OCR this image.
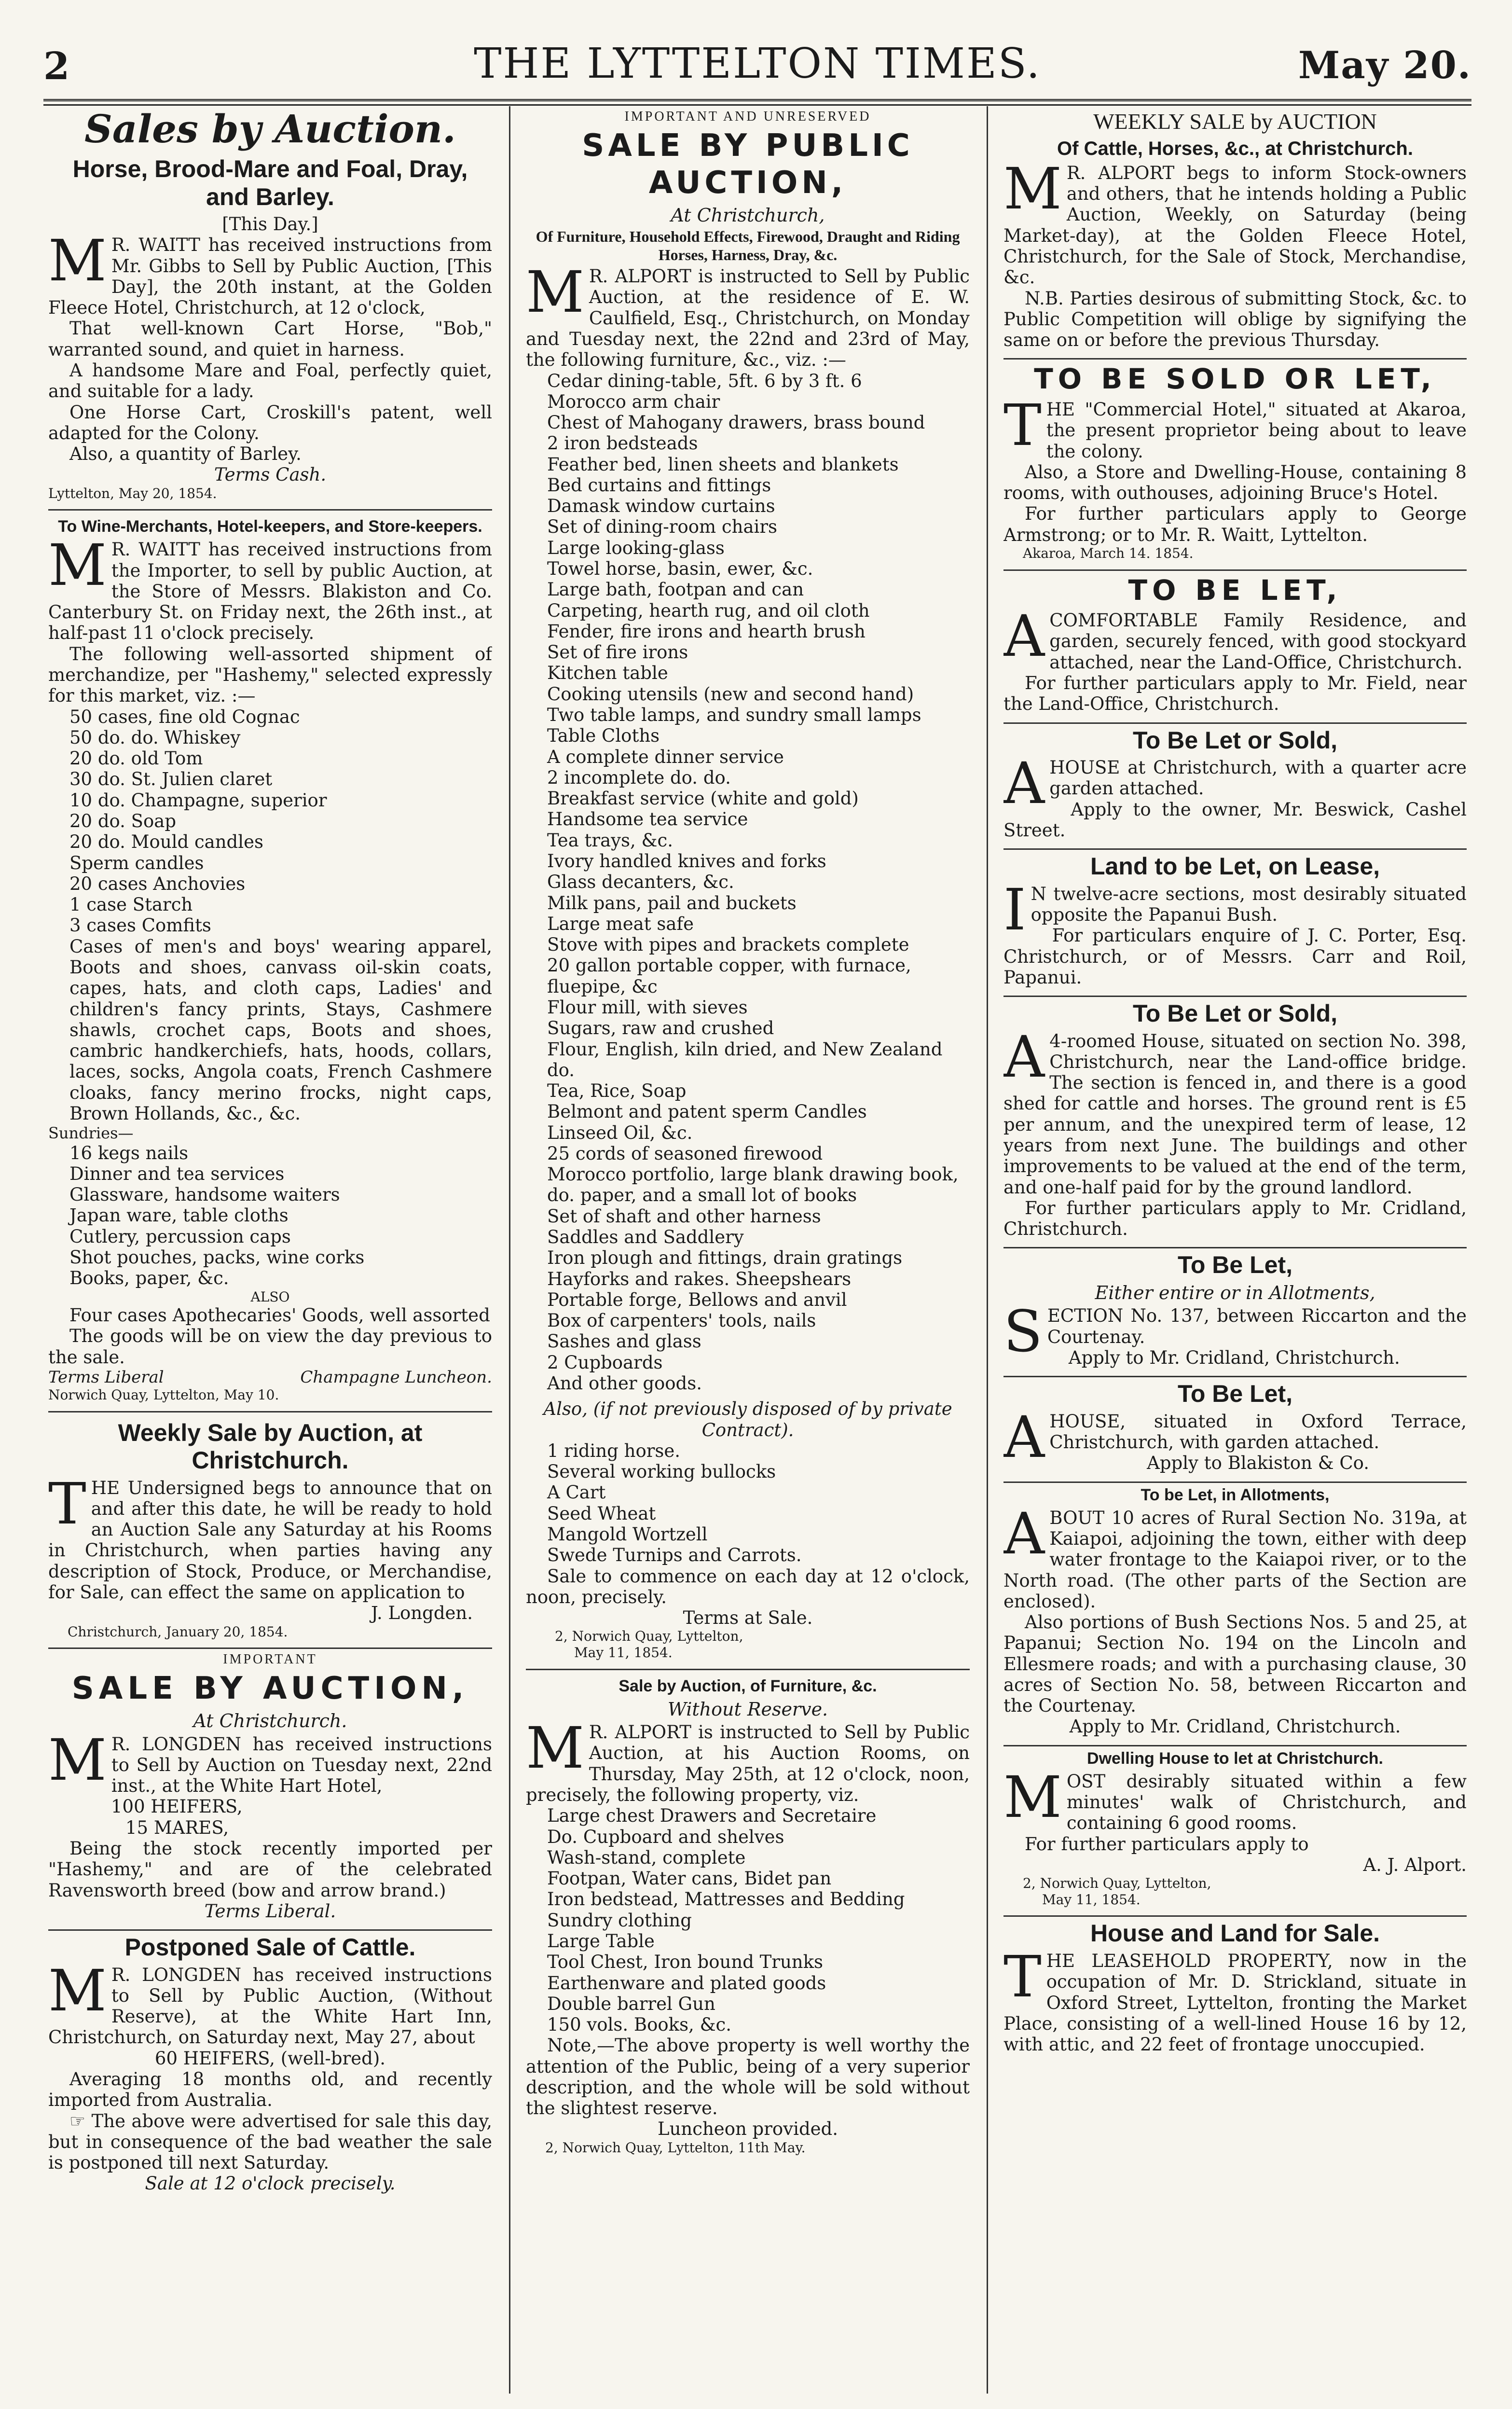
2	THE LYTTELTON TIMES.	May 20.
Sales by Auction.
Horse, Brood-Mare and Foal, Dray, and Barley.

[This Day.]

MR. WAITT has received instructions from Mr. Gibbs to Sell by Public Auction, [This Day], the 20th instant, at the Golden Fleece Hotel, Christchurch, at 12 o'clock,

That well-known Cart Horse, "Bob," warranted sound, and quiet in harness.

A handsome Mare and Foal, perfectly quiet, and suitable for a lady.

One Horse Cart, Croskill's patent, well adapted for the Colony.

Also, a quantity of Barley.

Terms Cash.

Lyttelton, May 20, 1854.

To Wine-Merchants, Hotel-keepers, and Store-keepers.

MR. WAITT has received instructions from the Importer, to sell by public Auction, at the Store of Messrs. Blakiston and Co. Canterbury St. on Friday next, the 26th inst., at half-past 11 o'clock precisely.

The following well-assorted shipment of merchandize, per "Hashemy," selected expressly for this market, viz. :—

50 cases, fine old Cognac
50 do. do. Whiskey
20 do. old Tom
30 do. St. Julien claret
10 do. Champagne, superior
20 do. Soap
20 do. Mould candles
Sperm candles
20 cases Anchovies
1 case Starch
3 cases Comfits

Cases of men's and boys' wearing apparel, Boots and shoes, canvass oil-skin coats, capes, hats, and cloth caps, Ladies' and children's fancy prints, Stays, Cashmere shawls, crochet caps, Boots and shoes, cambric handkerchiefs, hats, hoods, collars, laces, socks, Angola coats, French Cashmere cloaks, fancy merino frocks, night caps, Brown Hollands, &c., &c.

Sundries—

16 kegs nails
Dinner and tea services
Glassware, handsome waiters
Japan ware, table cloths
Cutlery, percussion caps
Shot pouches, packs, wine corks
Books, paper, &c.

ALSO

Four cases Apothecaries' Goods, well assorted

The goods will be on view the day previous to the sale.

Terms Liberal	Champagne Luncheon.

Norwich Quay, Lyttelton, May 10.

Weekly Sale by Auction, at Christchurch.

THE Undersigned begs to announce that on and after this date, he will be ready to hold an Auction Sale any Saturday at his Rooms in Christchurch, when parties having any description of Stock, Produce, or Merchandise, for Sale, can effect the same on application to

J. Longden.

Christchurch, January 20, 1854.

IMPORTANT
SALE BY AUCTION,

At Christchurch.

MR. LONGDEN has received instructions to Sell by Auction on Tuesday next, 22nd inst., at the White Hart Hotel,

100 HEIFERS,

15 MARES,

Being the stock recently imported per "Hashemy," and are of the celebrated Ravensworth breed (bow and arrow brand.)

Terms Liberal.

Postponed Sale of Cattle.

MR. LONGDEN has received instructions to Sell by Public Auction, (Without Reserve), at the White Hart Inn, Christchurch, on Saturday next, May 27, about

60 HEIFERS, (well-bred).

Averaging 18 months old, and recently imported from Australia.

☞ The above were advertised for sale this day, but in consequence of the bad weather the sale is postponed till next Saturday.

Sale at 12 o'clock precisely.

IMPORTANT AND UNRESERVED
SALE BY PUBLIC AUCTION,

At Christchurch,

Of Furniture, Household Effects, Firewood, Draught and Riding Horses, Harness, Dray, &c.

MR. ALPORT is instructed to Sell by Public Auction, at the residence of E. W. Caulfield, Esq., Christchurch, on Monday and Tuesday next, the 22nd and 23rd of May, the following furniture, &c., viz. :—

Cedar dining-table, 5ft. 6 by 3 ft. 6
Morocco arm chair
Chest of Mahogany drawers, brass bound
2 iron bedsteads
Feather bed, linen sheets and blankets
Bed curtains and fittings
Damask window curtains
Set of dining-room chairs
Large looking-glass
Towel horse, basin, ewer, &c.
Large bath, footpan and can
Carpeting, hearth rug, and oil cloth
Fender, fire irons and hearth brush
Set of fire irons
Kitchen table
Cooking utensils (new and second hand)
Two table lamps, and sundry small lamps
Table Cloths
A complete dinner service
2 incomplete do. do.
Breakfast service (white and gold)
Handsome tea service
Tea trays, &c.
Ivory handled knives and forks
Glass decanters, &c.
Milk pans, pail and buckets
Large meat safe
Stove with pipes and brackets complete
20 gallon portable copper, with furnace, fluepipe, &c
Flour mill, with sieves
Sugars, raw and crushed
Flour, English, kiln dried, and New Zealand do.
Tea, Rice, Soap
Belmont and patent sperm Candles
Linseed Oil, &c.
25 cords of seasoned firewood
Morocco portfolio, large blank drawing book, do. paper, and a small lot of books
Set of shaft and other harness
Saddles and Saddlery
Iron plough and fittings, drain gratings
Hayforks and rakes. Sheepshears
Portable forge, Bellows and anvil
Box of carpenters' tools, nails
Sashes and glass
2 Cupboards
And other goods.

Also, (if not previously disposed of by private Contract).

1 riding horse.
Several working bullocks
A Cart
Seed Wheat
Mangold Wortzell
Swede Turnips and Carrots.

Sale to commence on each day at 12 o'clock, noon, precisely.

Terms at Sale.

2, Norwich Quay, Lyttelton,

May 11, 1854.

Sale by Auction, of Furniture, &c.

Without Reserve.

MR. ALPORT is instructed to Sell by Public Auction, at his Auction Rooms, on Thursday, May 25th, at 12 o'clock, noon, precisely, the following property, viz.

Large chest Drawers and Secretaire
Do. Cupboard and shelves
Wash-stand, complete
Footpan, Water cans, Bidet pan
Iron bedstead, Mattresses and Bedding
Sundry clothing
Large Table
Tool Chest, Iron bound Trunks
Earthenware and plated goods
Double barrel Gun
150 vols. Books, &c.

Note,—The above property is well worthy the attention of the Public, being of a very superior description, and the whole will be sold without the slightest reserve.

Luncheon provided.

2, Norwich Quay, Lyttelton, 11th May.

WEEKLY SALE by AUCTION
Of Cattle, Horses, &c., at Christchurch.

MR. ALPORT begs to inform Stock-owners and others, that he intends holding a Public Auction, Weekly, on Saturday (being Market-day), at the Golden Fleece Hotel, Christchurch, for the Sale of Stock, Merchandise, &c.

N.B. Parties desirous of submitting Stock, &c. to Public Competition will oblige by signifying the same on or before the previous Thursday.

TO BE SOLD OR LET,

THE "Commercial Hotel," situated at Akaroa, the present proprietor being about to leave the colony.

Also, a Store and Dwelling-House, containing 8 rooms, with outhouses, adjoining Bruce's Hotel.

For further particulars apply to George Armstrong; or to Mr. R. Waitt, Lyttelton.

Akaroa, March 14. 1854.

TO BE LET,

ACOMFORTABLE Family Residence, and garden, securely fenced, with good stockyard attached, near the Land-Office, Christchurch.

For further particulars apply to Mr. Field, near the Land-Office, Christchurch.

To Be Let or Sold,

AHOUSE at Christchurch, with a quarter acre garden attached.

Apply to the owner, Mr. Beswick, Cashel Street.

Land to be Let, on Lease,

IN twelve-acre sections, most desirably situated opposite the Papanui Bush.

For particulars enquire of J. C. Porter, Esq. Christchurch, or of Messrs. Carr and Roil, Papanui.

To Be Let or Sold,

A4-roomed House, situated on section No. 398, Christchurch, near the Land-office bridge. The section is fenced in, and there is a good shed for cattle and horses. The ground rent is £5 per annum, and the unexpired term of lease, 12 years from next June. The buildings and other improvements to be valued at the end of the term, and one-half paid for by the ground landlord.

For further particulars apply to Mr. Cridland, Christchurch.

To Be Let,

Either entire or in Allotments,

SECTION No. 137, between Riccarton and the Courtenay.

Apply to Mr. Cridland, Christchurch.

To Be Let,

AHOUSE, situated in Oxford Terrace, Christchurch, with garden attached.

Apply to Blakiston & Co.

To be Let, in Allotments,

ABOUT 10 acres of Rural Section No. 319a, at Kaiapoi, adjoining the town, either with deep water frontage to the Kaiapoi river, or to the North road. (The other parts of the Section are enclosed).

Also portions of Bush Sections Nos. 5 and 25, at Papanui; Section No. 194 on the Lincoln and Ellesmere roads; and with a purchasing clause, 30 acres of Section No. 58, between Riccarton and the Courtenay.

Apply to Mr. Cridland, Christchurch.

Dwelling House to let at Christchurch.

MOST desirably situated within a few minutes' walk of Christchurch, and containing 6 good rooms.

For further particulars apply to

A. J. Alport.

2, Norwich Quay, Lyttelton,

May 11, 1854.

House and Land for Sale.

THE LEASEHOLD PROPERTY, now in the occupation of Mr. D. Strickland, situate in Oxford Street, Lyttelton, fronting the Market Place, consisting of a well-lined House 16 by 12, with attic, and 22 feet of frontage unoccupied.
